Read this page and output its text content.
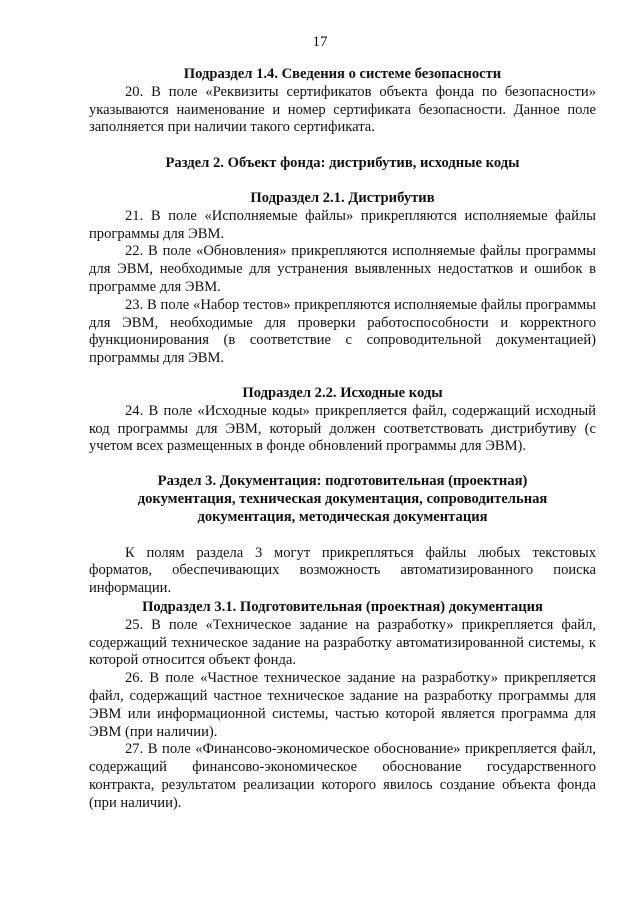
17

Подраздел 1.4. Сведения о системе безопасности

20. В поле «Реквизиты сертификатов объекта фонда по безопасности» указываются наименование и номер сертификата безопасности. Данное поле заполняется при наличии такого сертификата.

Раздел 2. Объект фонда: дистрибутив, исходные коды

Подраздел 2.1. Дистрибутив

21. В поле «Исполняемые файлы» прикрепляются исполняемые файлы программы для ЭВМ.

22. В поле «Обновления» прикрепляются исполняемые файлы программы для ЭВМ, необходимые для устранения выявленных недостатков и ошибок в программе для ЭВМ.

23. В поле «Набор тестов» прикрепляются исполняемые файлы программы для ЭВМ, необходимые для проверки работоспособности и корректного функционирования (в соответствие с сопроводительной документацией) программы для ЭВМ.

Подраздел 2.2. Исходные коды

24. В поле «Исходные коды» прикрепляется файл, содержащий исходный код программы для ЭВМ, который должен соответствовать дистрибутиву (с учетом всех размещенных в фонде обновлений программы для ЭВМ).

Раздел 3. Документация: подготовительная (проектная)

документация, техническая документация, сопроводительная

документация, методическая документация

К полям раздела 3 могут прикрепляться файлы любых текстовых форматов, обеспечивающих возможность автоматизированного поиска информации.

Подраздел 3.1. Подготовительная (проектная) документация

25. В поле «Техническое задание на разработку» прикрепляется файл, содержащий техническое задание на разработку автоматизированной системы, к которой относится объект фонда.

26. В поле «Частное техническое задание на разработку» прикрепляется файл, содержащий частное техническое задание на разработку программы для ЭВМ или информационной системы, частью которой является программа для ЭВМ (при наличии).

27. В поле «Финансово-экономическое обоснование» прикрепляется файл, содержащий финансово-экономическое обоснование государственного контракта, результатом реализации которого явилось создание объекта фонда (при наличии).
